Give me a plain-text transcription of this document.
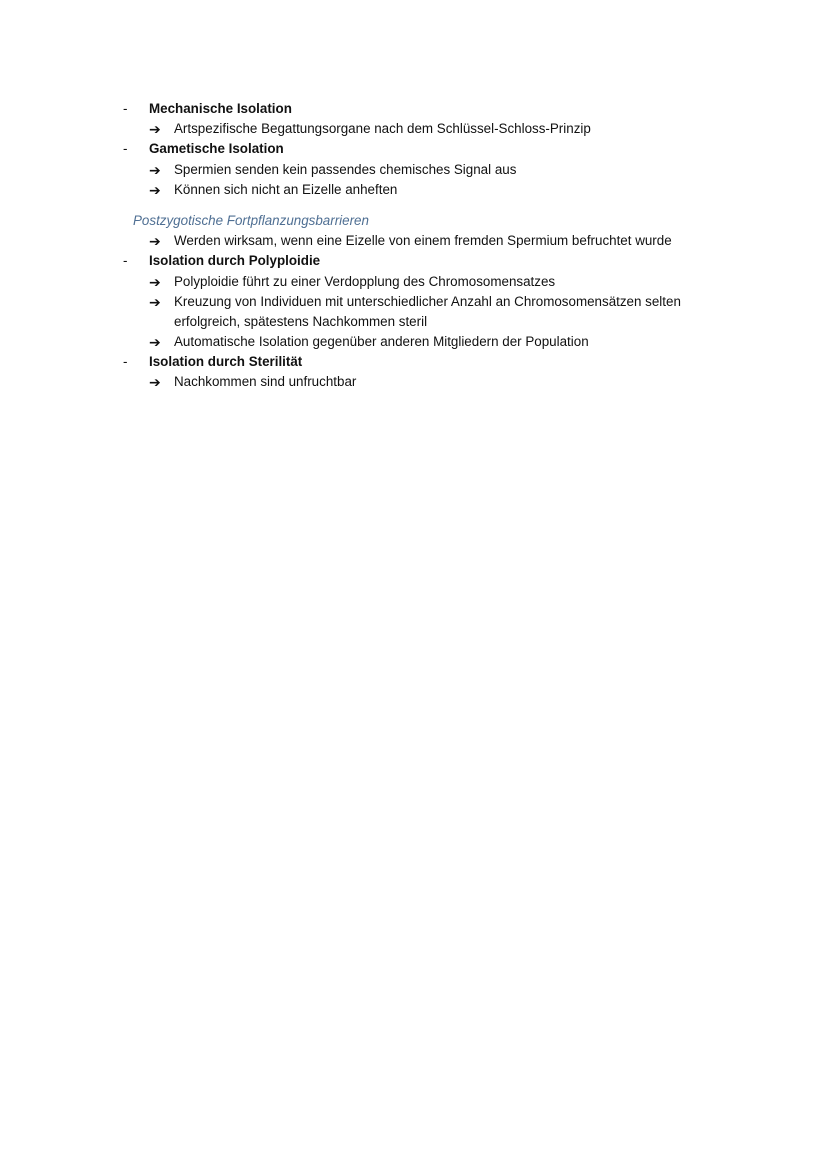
- Mechanische Isolation
➔ Artspezifische Begattungsorgane nach dem Schlüssel-Schloss-Prinzip
- Gametische Isolation
➔ Spermien senden kein passendes chemisches Signal aus
➔ Können sich nicht an Eizelle anheften
Postzygotische Fortpflanzungsbarrieren
➔ Werden wirksam, wenn eine Eizelle von einem fremden Spermium befruchtet wurde
- Isolation durch Polyploidie
➔ Polyploidie führt zu einer Verdopplung des Chromosomensatzes
➔ Kreuzung von Individuen mit unterschiedlicher Anzahl an Chromosomensätzen selten
erfolgreich, spätestens Nachkommen steril
➔ Automatische Isolation gegenüber anderen Mitgliedern der Population
- Isolation durch Sterilität
➔ Nachkommen sind unfruchtbar
